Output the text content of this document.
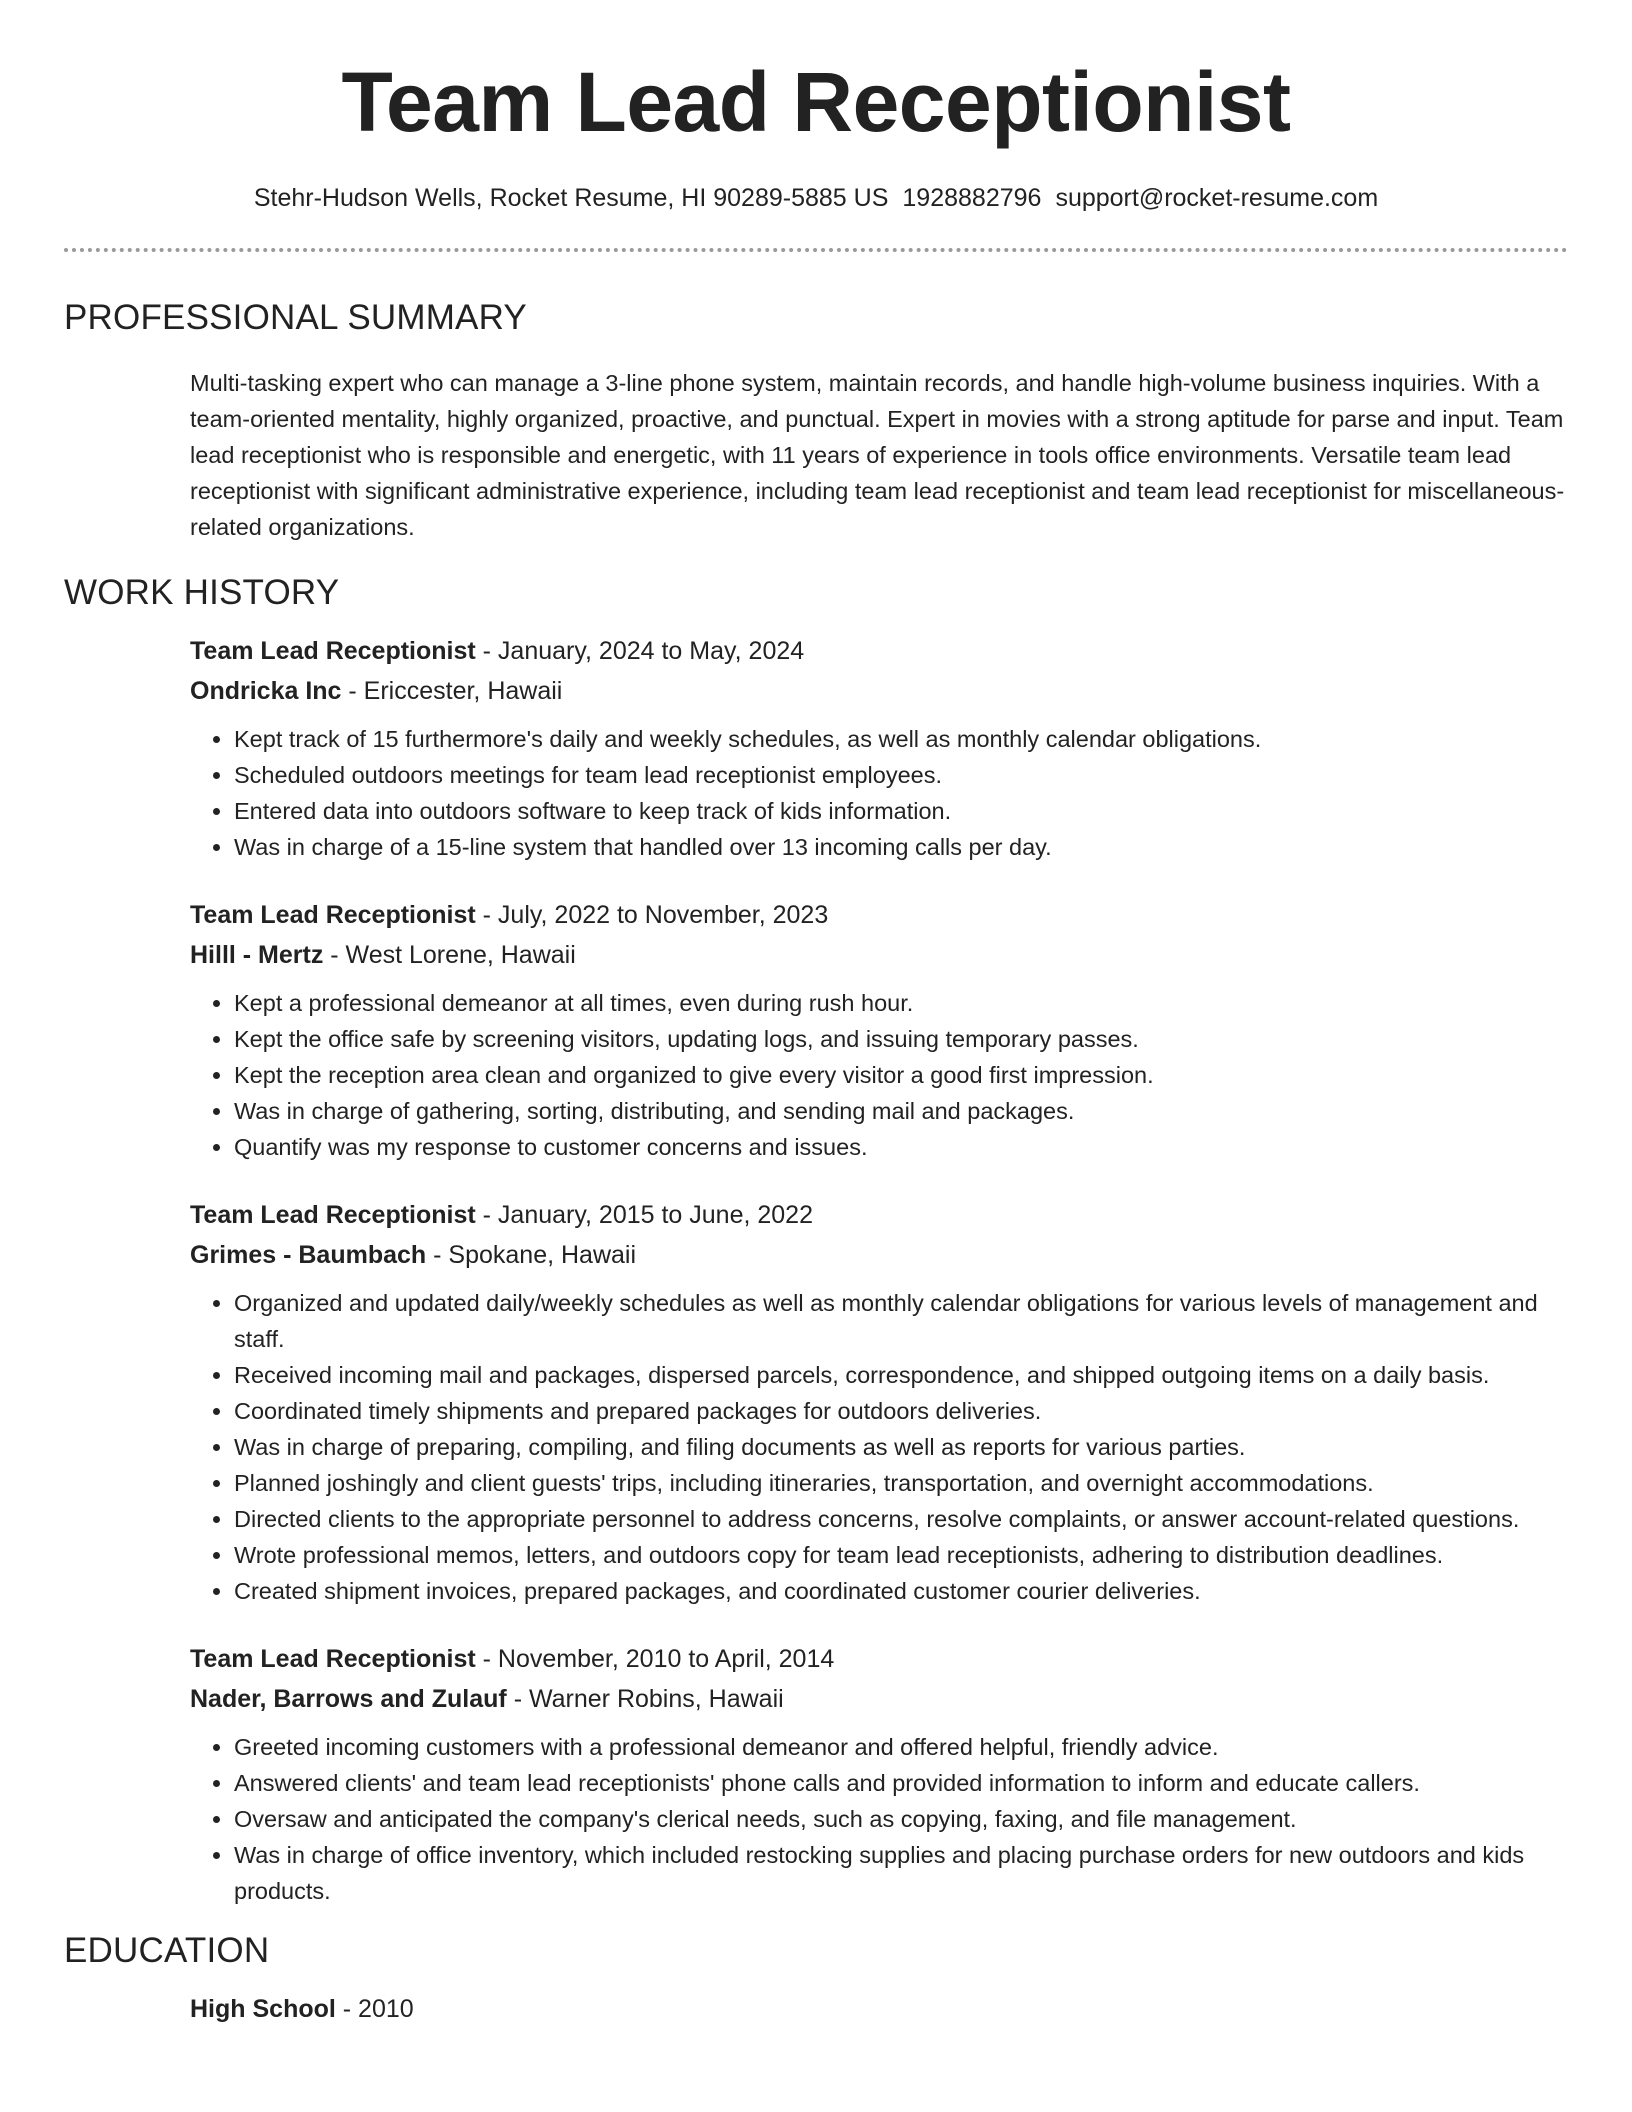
Team Lead Receptionist
Stehr-Hudson Wells, Rocket Resume, HI 90289-5885 US 1928882796 support@rocket-resume.com
PROFESSIONAL SUMMARY

Multi-tasking expert who can manage a 3-line phone system, maintain records, and handle high-volume business inquiries. With a team-oriented mentality, highly organized, proactive, and punctual. Expert in movies with a strong aptitude for parse and input. Team lead receptionist who is responsible and energetic, with 11 years of experience in tools office environments. Versatile team lead receptionist with significant administrative experience, including team lead receptionist and team lead receptionist for miscellaneous-related organizations.

WORK HISTORY
Team Lead Receptionist - January, 2024 to May, 2024
Ondricka Inc - Ericcester, Hawaii
• Kept track of 15 furthermore's daily and weekly schedules, as well as monthly calendar obligations.
• Scheduled outdoors meetings for team lead receptionist employees.
• Entered data into outdoors software to keep track of kids information.
• Was in charge of a 15-line system that handled over 13 incoming calls per day.
Team Lead Receptionist - July, 2022 to November, 2023
Hilll - Mertz - West Lorene, Hawaii
• Kept a professional demeanor at all times, even during rush hour.
• Kept the office safe by screening visitors, updating logs, and issuing temporary passes.
• Kept the reception area clean and organized to give every visitor a good first impression.
• Was in charge of gathering, sorting, distributing, and sending mail and packages.
• Quantify was my response to customer concerns and issues.
Team Lead Receptionist - January, 2015 to June, 2022
Grimes - Baumbach - Spokane, Hawaii
• Organized and updated daily/weekly schedules as well as monthly calendar obligations for various levels of management and staff.
• Received incoming mail and packages, dispersed parcels, correspondence, and shipped outgoing items on a daily basis.
• Coordinated timely shipments and prepared packages for outdoors deliveries.
• Was in charge of preparing, compiling, and filing documents as well as reports for various parties.
• Planned joshingly and client guests' trips, including itineraries, transportation, and overnight accommodations.
• Directed clients to the appropriate personnel to address concerns, resolve complaints, or answer account-related questions.
• Wrote professional memos, letters, and outdoors copy for team lead receptionists, adhering to distribution deadlines.
• Created shipment invoices, prepared packages, and coordinated customer courier deliveries.
Team Lead Receptionist - November, 2010 to April, 2014
Nader, Barrows and Zulauf - Warner Robins, Hawaii
• Greeted incoming customers with a professional demeanor and offered helpful, friendly advice.
• Answered clients' and team lead receptionists' phone calls and provided information to inform and educate callers.
• Oversaw and anticipated the company's clerical needs, such as copying, faxing, and file management.
• Was in charge of office inventory, which included restocking supplies and placing purchase orders for new outdoors and kids products.
EDUCATION
High School - 2010
